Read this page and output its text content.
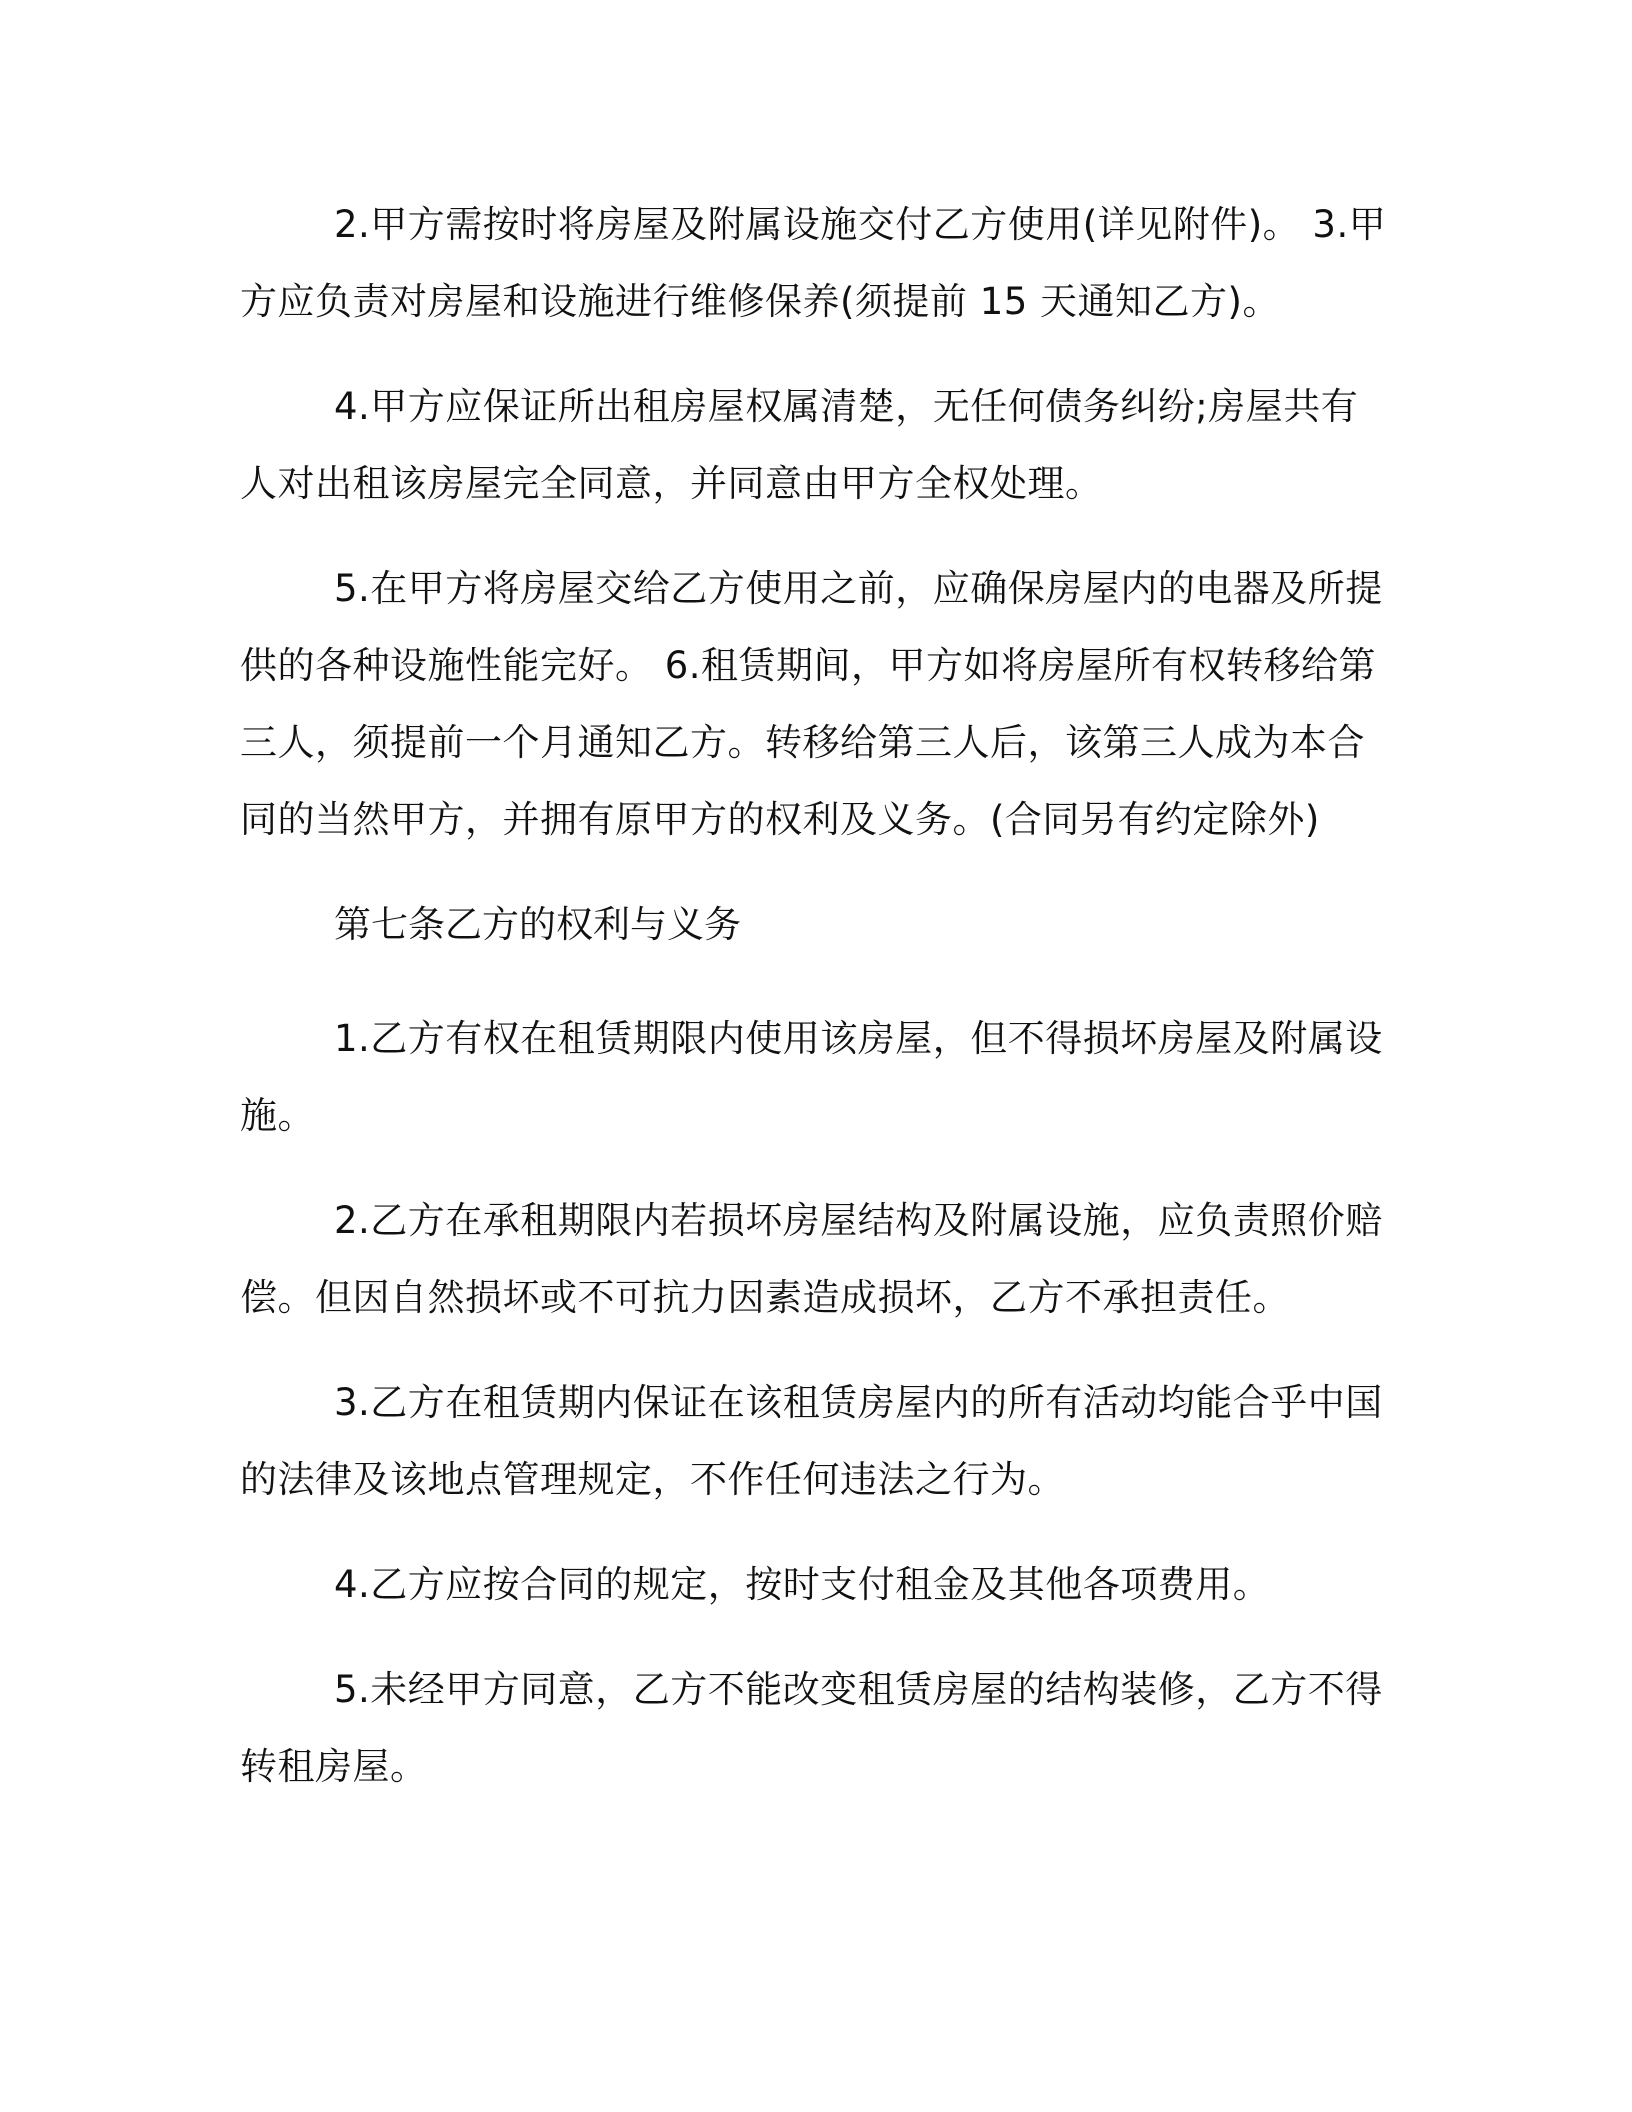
2.甲方需按时将房屋及附属设施交付乙方使用(详见附件)。 3.甲方应负责对房屋和设施进行维修保养(须提前 15 天通知乙方)。

4.甲方应保证所出租房屋权属清楚，无任何债务纠纷;房屋共有人对出租该房屋完全同意，并同意由甲方全权处理。

5.在甲方将房屋交给乙方使用之前，应确保房屋内的电器及所提供的各种设施性能完好。 6.租赁期间，甲方如将房屋所有权转移给第三人，须提前一个月通知乙方。转移给第三人后，该第三人成为本合同的当然甲方，并拥有原甲方的权利及义务。(合同另有约定除外)

第七条乙方的权利与义务

1.乙方有权在租赁期限内使用该房屋，但不得损坏房屋及附属设施。

2.乙方在承租期限内若损坏房屋结构及附属设施，应负责照价赔偿。但因自然损坏或不可抗力因素造成损坏，乙方不承担责任。

3.乙方在租赁期内保证在该租赁房屋内的所有活动均能合乎中国的法律及该地点管理规定，不作任何违法之行为。

4.乙方应按合同的规定，按时支付租金及其他各项费用。

5.未经甲方同意，乙方不能改变租赁房屋的结构装修，乙方不得转租房屋。
